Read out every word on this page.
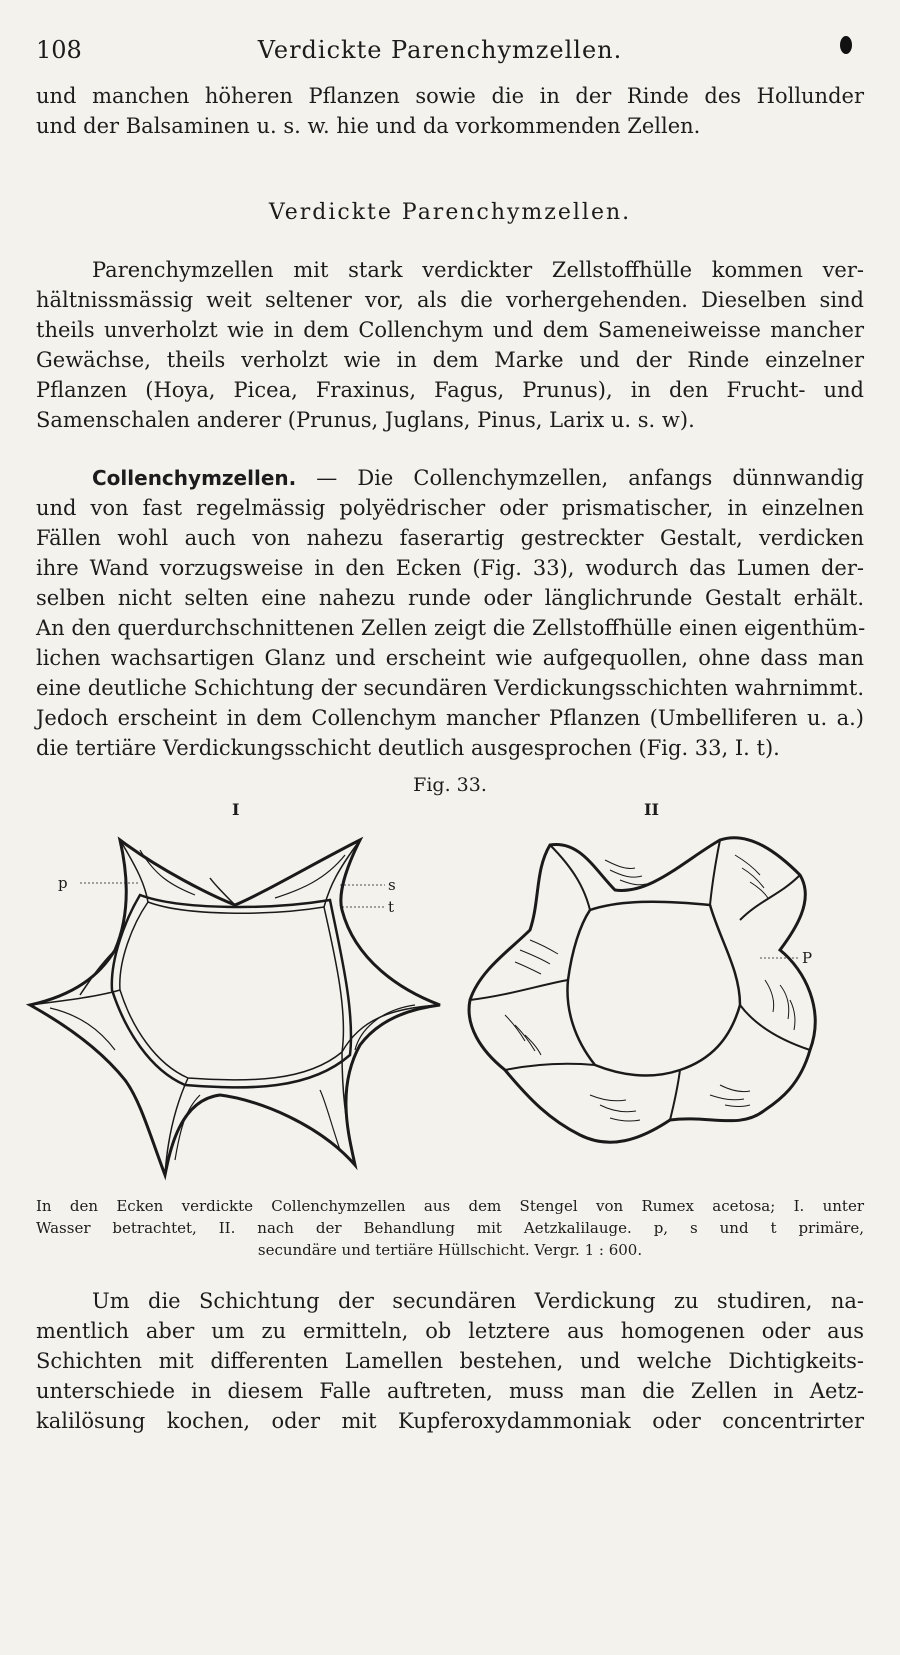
108	Verdickte Parenchymzellen.
und manchen höheren Pflanzen sowie die in der Rinde des Hollunder
und der Balsaminen u. s. w. hie und da vorkommenden Zellen.
Verdickte Parenchymzellen.
Parenchymzellen mit stark verdickter Zellstoffhülle kommen ver-
hältnissmässig weit seltener vor, als die vorhergehenden. Dieselben sind
theils unverholzt wie in dem Collenchym und dem Sameneiweisse mancher
Gewächse, theils verholzt wie in dem Marke und der Rinde einzelner
Pflanzen (Hoya, Picea, Fraxinus, Fagus, Prunus), in den Frucht- und
Samenschalen anderer (Prunus, Juglans, Pinus, Larix u. s. w).
Collenchymzellen. — Die Collenchymzellen, anfangs dünnwandig
und von fast regelmässig polyëdrischer oder prismatischer, in einzelnen
Fällen wohl auch von nahezu faserartig gestreckter Gestalt, verdicken
ihre Wand vorzugsweise in den Ecken (Fig. 33), wodurch das Lumen der-
selben nicht selten eine nahezu runde oder länglichrunde Gestalt erhält.
An den querdurchschnittenen Zellen zeigt die Zellstoffhülle einen eigenthüm-
lichen wachsartigen Glanz und erscheint wie aufgequollen, ohne dass man
eine deutliche Schichtung der secundären Verdickungsschichten wahrnimmt.
Jedoch erscheint in dem Collenchym mancher Pflanzen (Umbelliferen u. a.)
die tertiäre Verdickungsschicht deutlich ausgesprochen (Fig. 33, I. t).
Fig. 33.
I	II
p	s
t
P
In den Ecken verdickte Collenchymzellen aus dem Stengel von Rumex acetosa; I. unter
Wasser betrachtet, II. nach der Behandlung mit Aetzkalilauge. p, s und t primäre,
secundäre und tertiäre Hüllschicht. Vergr. 1 : 600.
Um die Schichtung der secundären Verdickung zu studiren, na-
mentlich aber um zu ermitteln, ob letztere aus homogenen oder aus
Schichten mit differenten Lamellen bestehen, und welche Dichtigkeits-
unterschiede in diesem Falle auftreten, muss man die Zellen in Aetz-
kalilösung kochen, oder mit Kupferoxydammoniak oder concentrirter
